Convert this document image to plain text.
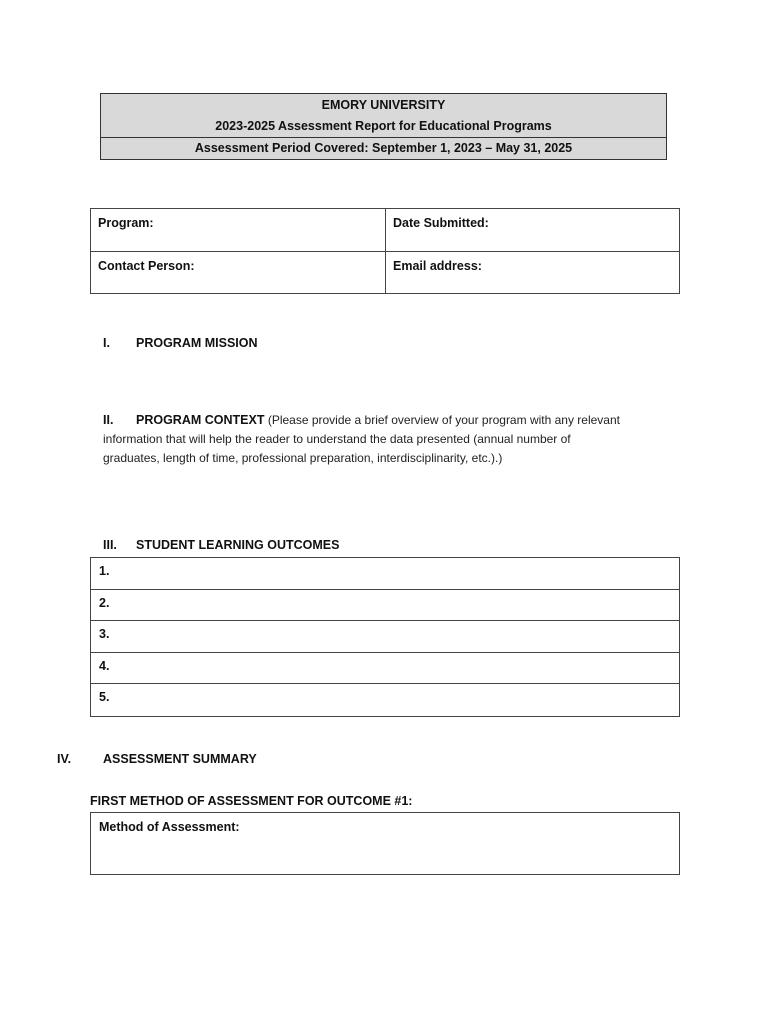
EMORY UNIVERSITY
2023-2025 Assessment Report for Educational Programs
Assessment Period Covered: September 1, 2023 – May 31, 2025
Program:	Date Submitted:
Contact Person:	Email address:
I. PROGRAM MISSION
II. PROGRAM CONTEXT (Please provide a brief overview of your program with any relevant
information that will help the reader to understand the data presented (annual number of
graduates, length of time, professional preparation, interdisciplinarity, etc.).)
III. STUDENT LEARNING OUTCOMES
1.
2.
3.
4.
5.
IV.	ASSESSMENT SUMMARY
FIRST METHOD OF ASSESSMENT FOR OUTCOME #1:
Method of Assessment:
